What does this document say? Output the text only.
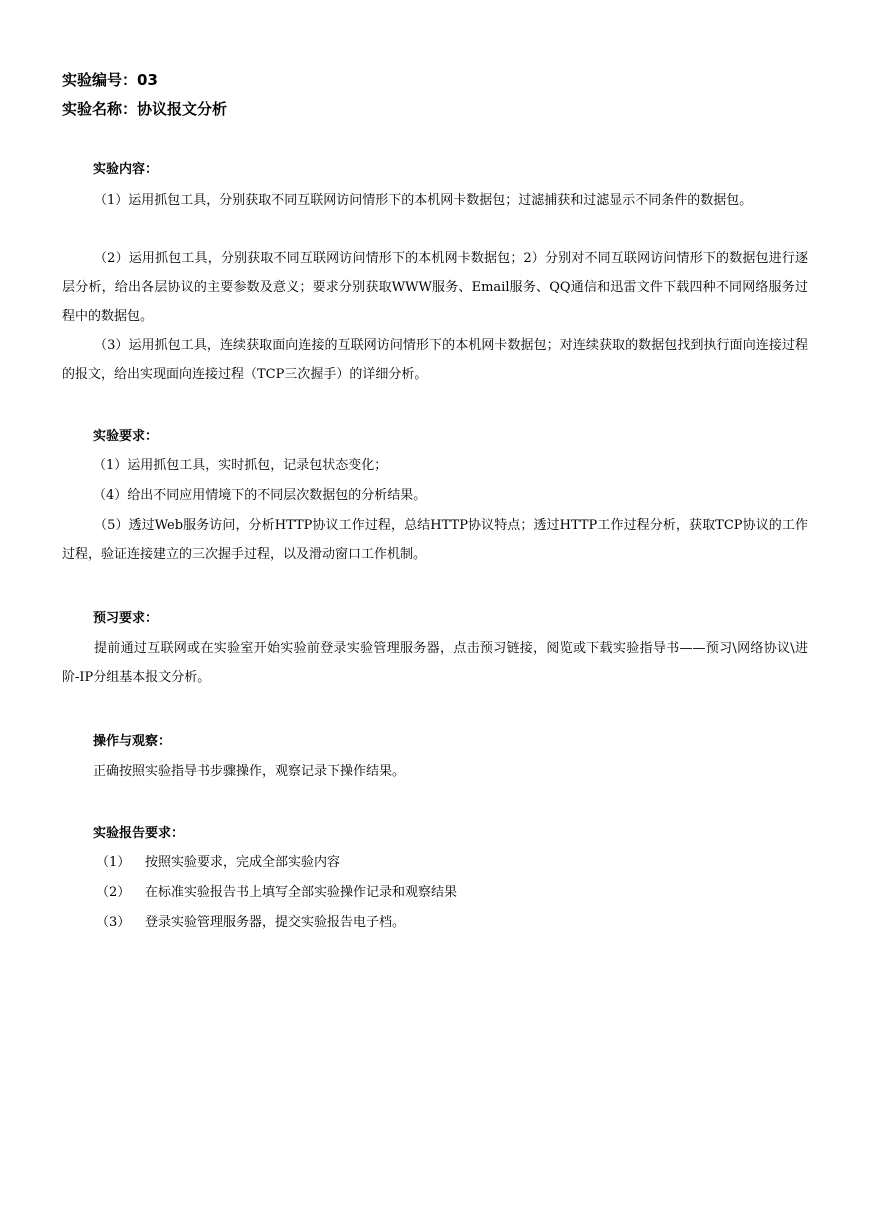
实验编号：03
实验名称：协议报文分析
实验内容：
（1）运用抓包工具，分别获取不同互联网访问情形下的本机网卡数据包；过滤捕获和过滤显示不同条件的数据包。
（2）运用抓包工具，分别获取不同互联网访问情形下的本机网卡数据包；2）分别对不同互联网访问情形下的数据包进行逐层分析，给出各层协议的主要参数及意义；要求分别获取WWW服务、Email服务、QQ通信和迅雷文件下载四种不同网络服务过程中的数据包。
（3）运用抓包工具，连续获取面向连接的互联网访问情形下的本机网卡数据包；对连续获取的数据包找到执行面向连接过程的报文，给出实现面向连接过程（TCP三次握手）的详细分析。
实验要求：
（1）运用抓包工具，实时抓包，记录包状态变化；
（4）给出不同应用情境下的不同层次数据包的分析结果。
（5）透过Web服务访问，分析HTTP协议工作过程，总结HTTP协议特点；透过HTTP工作过程分析，获取TCP协议的工作过程，验证连接建立的三次握手过程，以及滑动窗口工作机制。
预习要求：
提前通过互联网或在实验室开始实验前登录实验管理服务器，点击预习链接，阅览或下载实验指导书——预习\网络协议\进阶-IP分组基本报文分析。
操作与观察：
正确按照实验指导书步骤操作，观察记录下操作结果。
实验报告要求：
（1） 按照实验要求，完成全部实验内容
（2） 在标准实验报告书上填写全部实验操作记录和观察结果
（3） 登录实验管理服务器，提交实验报告电子档。
